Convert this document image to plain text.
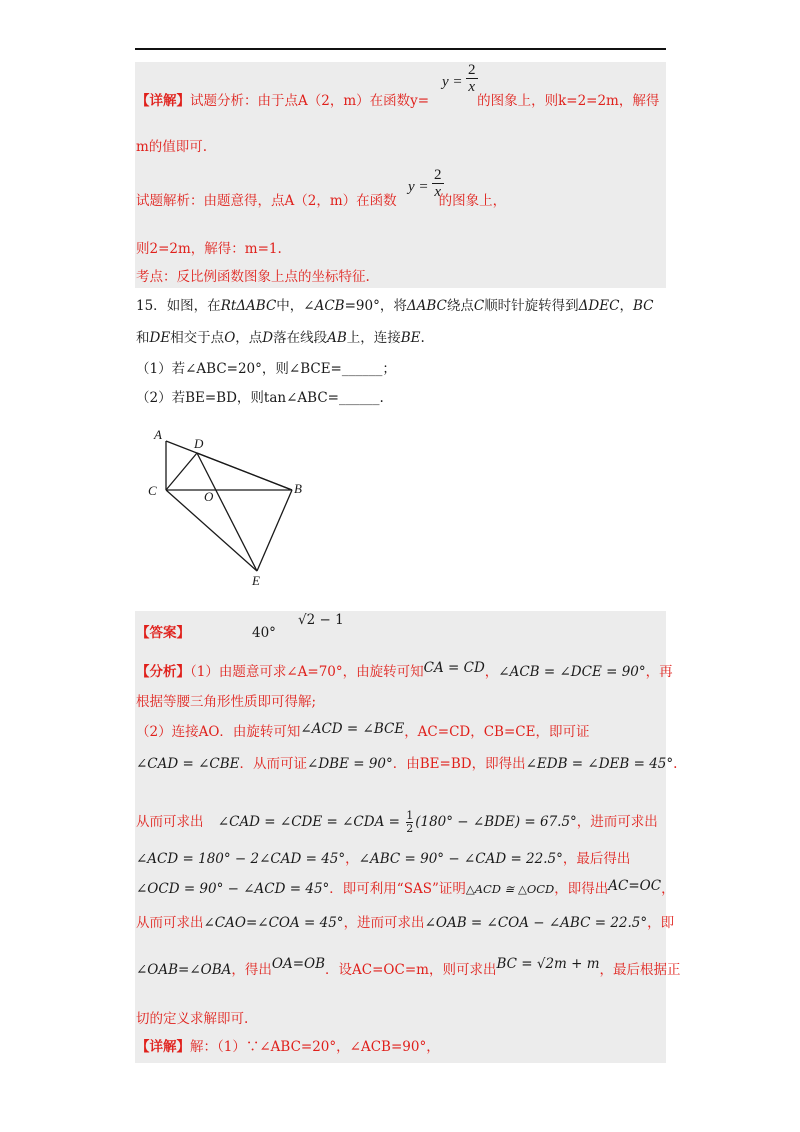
$y = \frac{2}{x}$
【详解】试题分析：由于点A（2，m）在函数y=	的图象上，则k=2=2m，解得
m的值即可.
$y = \frac{2}{x}$
试题解析：由题意得，点A（2，m）在函数	的图象上，
则2=2m，解得：m=1.
考点：反比例函数图象上点的坐标特征.
15．如图，在RtΔABC中，∠ACB=90°，将ΔABC绕点C顺时针旋转得到ΔDEC，BC
和DE相交于点O，点D落在线段AB上，连接BE.
（1）若∠ABC=20°，则∠BCE=______；
（2）若BE=BD，则tan∠ABC=______.
A
D
C	O
B
E
【答案】	40°
√2 − 1
【分析】（1）由题意可求∠A=70°，由旋转可知CA = CD，∠ACB = ∠DCE = 90°，再
根据等腰三角形性质即可得解;
（2）连接AO．由旋转可知∠ACD = ∠BCE，AC=CD，CB=CE，即可证
∠CAD = ∠CBE．从而可证∠DBE = 90°．由BE=BD，即得出∠EDB = ∠DEB = 45°.
从而可求出 ∠CAD = ∠CDE = ∠CDA = $\frac{1}{2} (180^\circ$ − ∠BDE) = 67.5°，进而可求出
∠ACD = 180° − 2∠CAD = 45°，∠ABC = 90° − ∠CAD = 22.5°，最后得出
∠OCD = 90° − ∠ACD = 45°．即可利用“SAS”证明△ACD ≅ △OCD，即得出AC=OC，
从而可求出∠CAO=∠COA = 45°，进而可求出∠OAB = ∠COA − ∠ABC = 22.5°，即
∠OAB=∠OBA，得出OA=OB．设AC=OC=m，则可求出BC = √2m + m，最后根据正
切的定义求解即可.
【详解】解：（1）∵∠ABC=20°，∠ACB=90°，
